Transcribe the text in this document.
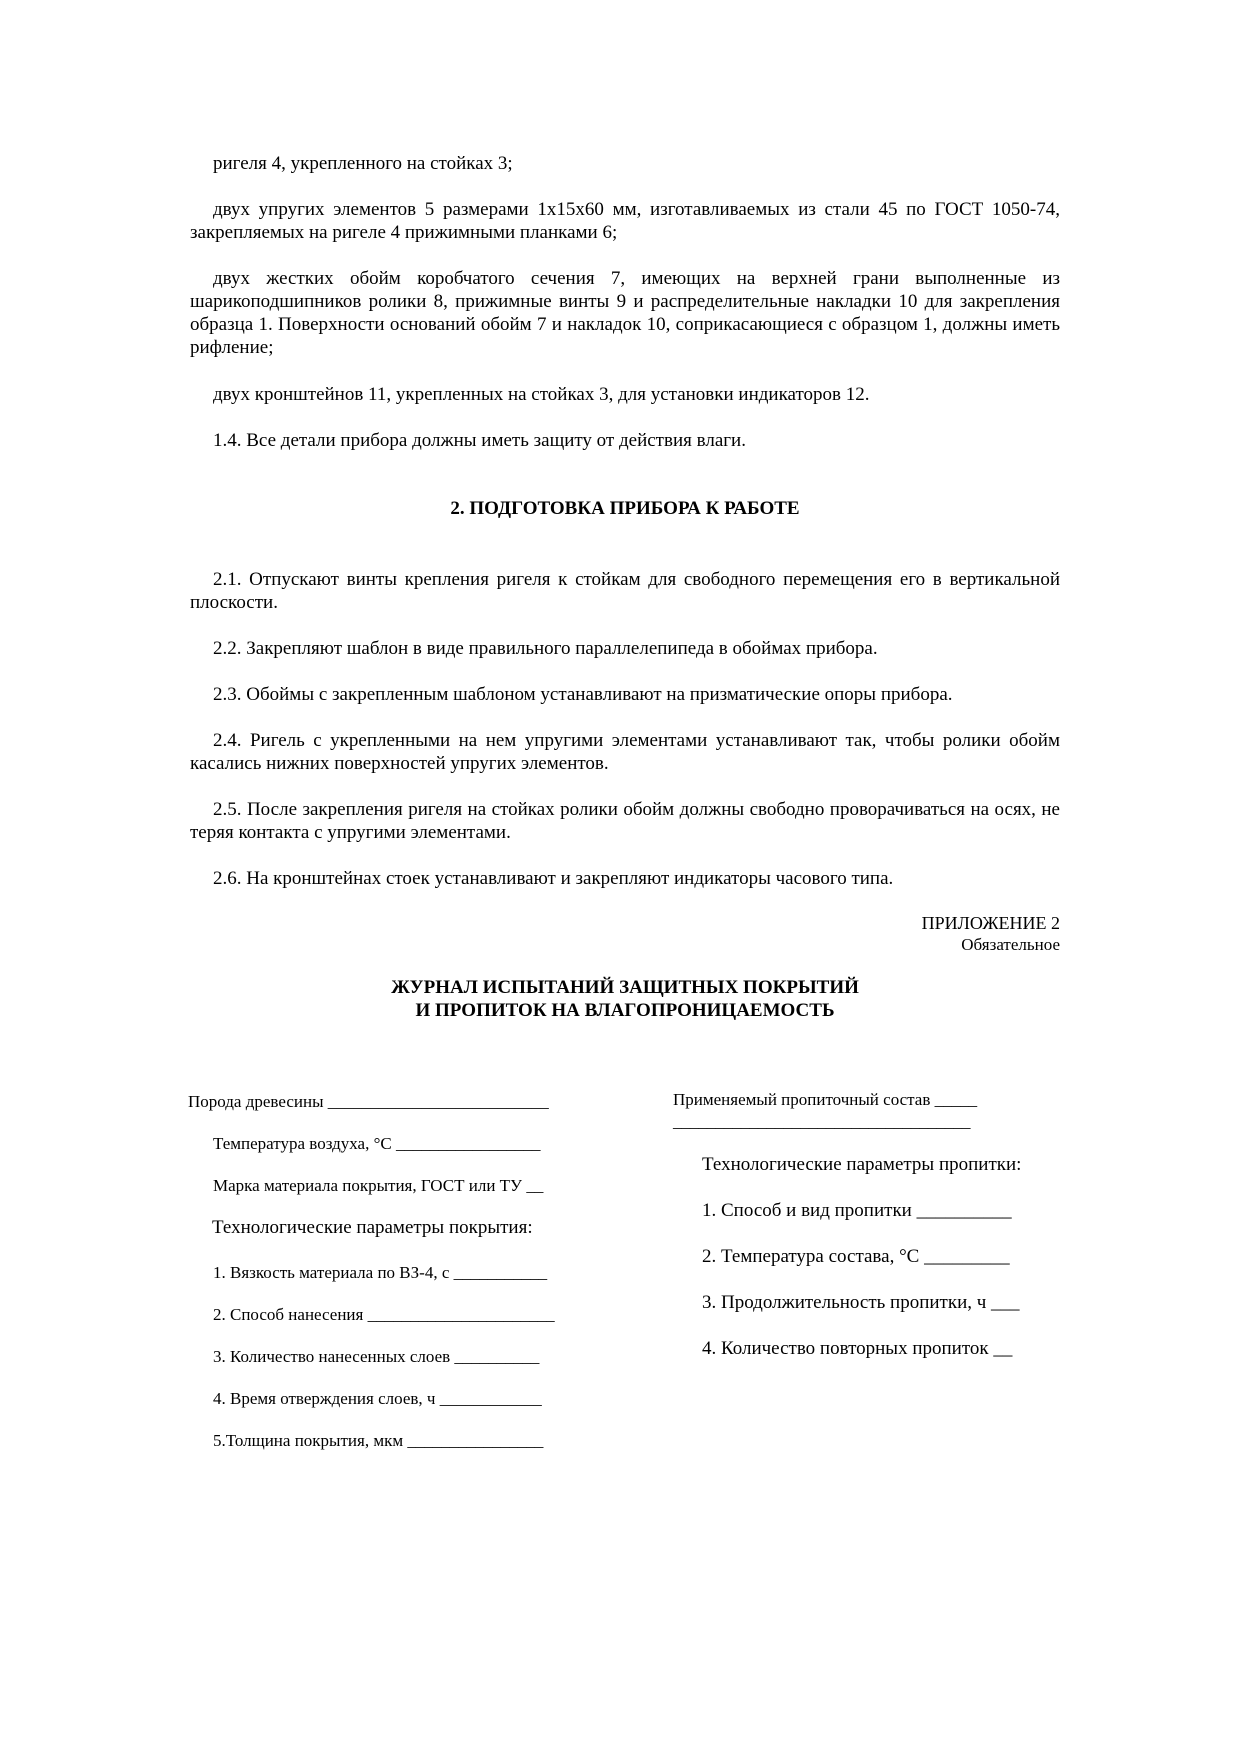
ригеля 4, укрепленного на стойках 3;

двух упругих элементов 5 размерами 1х15х60 мм, изготавливаемых из стали 45 по ГОСТ 1050-74, закрепляемых на ригеле 4 прижимными планками 6;

двух жестких обойм коробчатого сечения 7, имеющих на верхней грани выполненные из шарикоподшипников ролики 8, прижимные винты 9 и распределительные накладки 10 для закрепления образца 1. Поверхности оснований обойм 7 и накладок 10, соприкасающиеся с образцом 1, должны иметь рифление;

двух кронштейнов 11, укрепленных на стойках 3, для установки индикаторов 12.

1.4. Все детали прибора должны иметь защиту от действия влаги.

2. ПОДГОТОВКА ПРИБОРА К РАБОТЕ

2.1. Отпускают винты крепления ригеля к стойкам для свободного перемещения его в вертикальной плоскости.

2.2. Закрепляют шаблон в виде правильного параллелепипеда в обоймах прибора.

2.3. Обоймы с закрепленным шаблоном устанавливают на призматические опоры прибора.

2.4. Ригель с укрепленными на нем упругими элементами устанавливают так, чтобы ролики обойм касались нижних поверхностей упругих элементов.

2.5. После закрепления ригеля на стойках ролики обойм должны свободно проворачиваться на осях, не теряя контакта с упругими элементами.

2.6. На кронштейнах стоек устанавливают и закрепляют индикаторы часового типа.

ПРИЛОЖЕНИЕ 2
Обязательное
ЖУРНАЛ ИСПЫТАНИЙ ЗАЩИТНЫХ ПОКРЫТИЙ
И ПРОПИТОК НА ВЛАГОПРОНИЦАЕМОСТЬ
Порода древесины __________________________
Температура воздуха, °С _________________
Марка материала покрытия, ГОСТ или ТУ __
Технологические параметры покрытия:
1. Вязкость материала по ВЗ-4, с ___________
2. Способ нанесения ______________________
3. Количество нанесенных слоев __________
4. Время отверждения слоев, ч ____________
5.Толщина покрытия, мкм ________________
Применяемый пропиточный состав _____
___________________________________
Технологические параметры пропитки:
1. Способ и вид пропитки __________
2. Температура состава, °С _________
3. Продолжительность пропитки, ч ___
4. Количество повторных пропиток __
